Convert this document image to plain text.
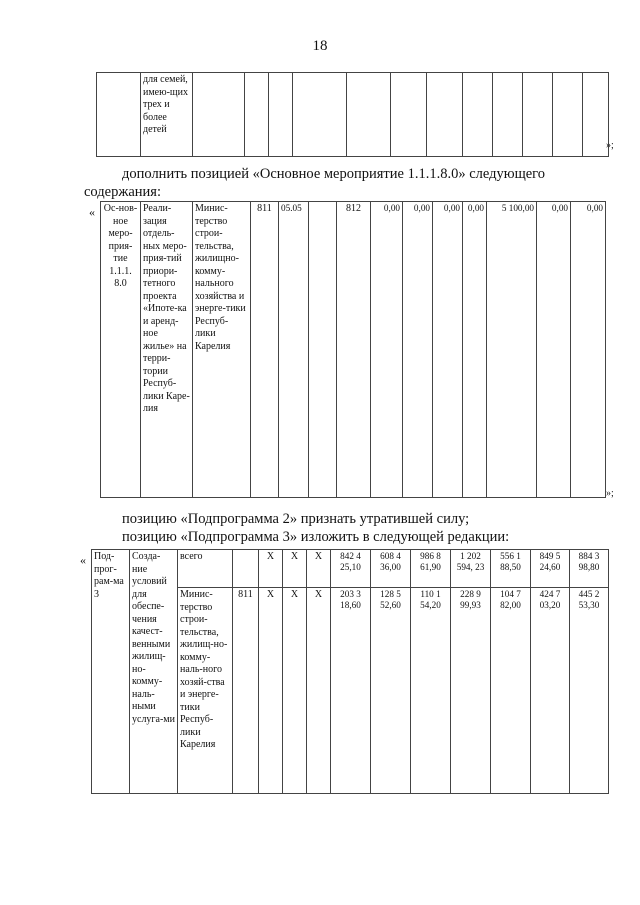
18
	для семей, имею-щих трех и более детей												
»;
дополнить позицией «Основное мероприятие 1.1.1.8.0» следующего
содержания:
« Ос-нов-ное меро-прия-тие 1.1.1. 8.0	Реали-зация отдель-ных меро-прия-тий приори-тетного проекта «Ипоте-ка и аренд-ное жилье» на терри-тории Респуб-лики Каре-лия	Минис-терство строи-тельства, жилищно-комму-нального хозяйства и энерге-тики Респуб-лики Карелия	811	05.05		812	0,00	0,00	0,00	0,00	5 100,00	0,00	0,00
»;
позицию «Подпрограмма 2» признать утратившей силу;
позицию «Подпрограмма 3» изложить в следующей редакции:
« Под-прог-рам-ма 3	Созда-ние условий для обеспе-чения качест-венными жилищ-но-комму-наль-ными услуга-ми	всего		X	X	X	842 4 25,10	608 4 36,00	986 8 61,90	1 202 594, 23	556 1 88,50	849 5 24,60	884 3 98,80
		Минис-терство строи-тельства, жилищ-но-комму-наль-ного хозяй-ства и энерге-тики Респуб-лики Карелия	811	X	X	X	203 3 18,60	128 5 52,60	110 1 54,20	228 9 99,93	104 7 82,00	424 7 03,20	445 2 53,30
